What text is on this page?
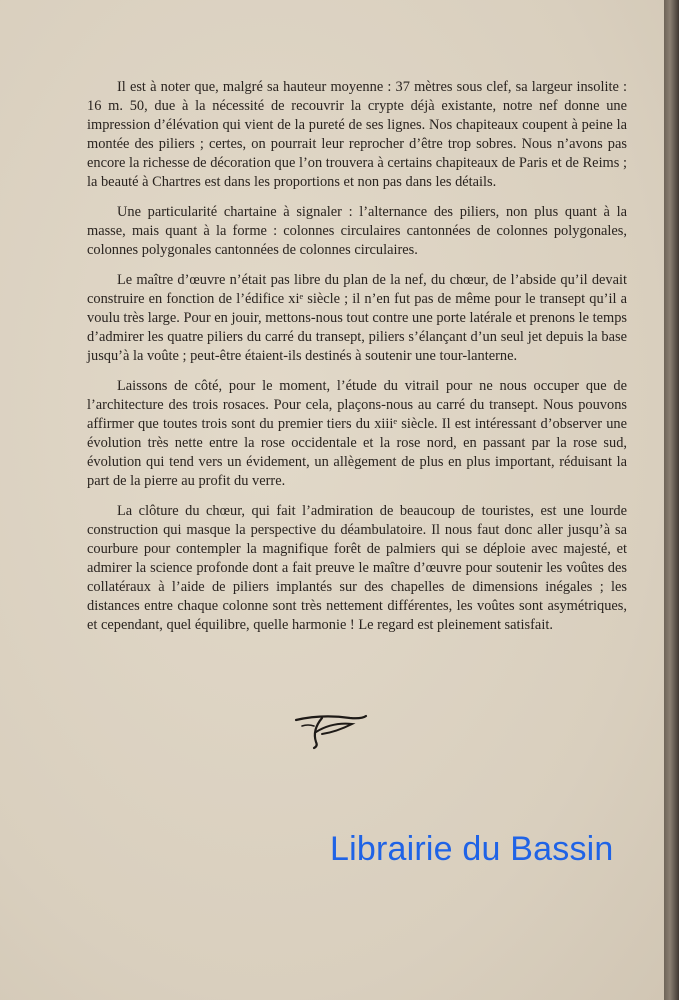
Il est à noter que, malgré sa hauteur moyenne : 37 mètres sous clef, sa largeur insolite : 16 m. 50, due à la nécessité de recouvrir la crypte déjà existante, notre nef donne une impression d’élévation qui vient de la pureté de ses lignes. Nos chapiteaux coupent à peine la montée des piliers ; certes, on pourrait leur reprocher d’être trop sobres. Nous n’avons pas encore la richesse de décoration que l’on trouvera à certains chapiteaux de Paris et de Reims ; la beauté à Chartres est dans les proportions et non pas dans les détails.

Une particularité chartaine à signaler : l’alternance des piliers, non plus quant à la masse, mais quant à la forme : colonnes circulaires cantonnées de colonnes polygonales, colonnes polygonales cantonnées de colonnes circulaires.

Le maître d’œuvre n’était pas libre du plan de la nef, du chœur, de l’abside qu’il devait construire en fonction de l’édifice xiᵉ siècle ; il n’en fut pas de même pour le transept qu’il a voulu très large. Pour en jouir, mettons-nous tout contre une porte latérale et prenons le temps d’admirer les quatre piliers du carré du transept, piliers s’élançant d’un seul jet depuis la base jusqu’à la voûte ; peut-être étaient-ils destinés à soutenir une tour-lanterne.

Laissons de côté, pour le moment, l’étude du vitrail pour ne nous occuper que de l’architecture des trois rosaces. Pour cela, plaçons-nous au carré du transept. Nous pouvons affirmer que toutes trois sont du premier tiers du xiiiᵉ siècle. Il est intéressant d’observer une évolution très nette entre la rose occidentale et la rose nord, en passant par la rose sud, évolution qui tend vers un évidement, un allègement de plus en plus important, réduisant la part de la pierre au profit du verre.

La clôture du chœur, qui fait l’admiration de beaucoup de touristes, est une lourde construction qui masque la perspective du déambulatoire. Il nous faut donc aller jusqu’à sa courbure pour contempler la magnifique forêt de palmiers qui se déploie avec majesté, et admirer la science profonde dont a fait preuve le maître d’œuvre pour soutenir les voûtes des collatéraux à l’aide de piliers implantés sur des chapelles de dimensions inégales ; les distances entre chaque colonne sont très nettement différentes, les voûtes sont asymétriques, et cependant, quel équilibre, quelle harmonie ! Le regard est pleinement satisfait.

Librairie du Bassin
